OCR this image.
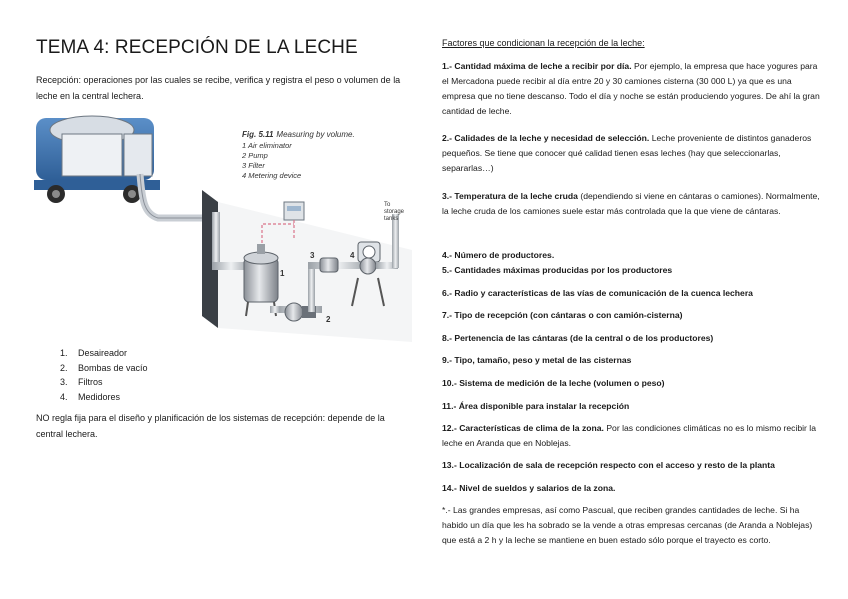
TEMA 4: RECEPCIÓN DE LA LECHE

Recepción: operaciones por las cuales se recibe, verifica y registra el peso o volumen de la leche en la central lechera.

Fig. 5.11 Measuring by volume.
1 Air eliminator
2 Pump
3 Filter
4 Metering device
To
storage
tanks
1
2
3	4
1. Desaireador
2. Bombas de vacío
3. Filtros
4. Medidores

NO regla fija para el diseño y planificación de los sistemas de recepción: depende de la central lechera.

Factores que condicionan la recepción de la leche:

1.- Cantidad máxima de leche a recibir por día. Por ejemplo, la empresa que hace yogures para el Mercadona puede recibir al día entre 20 y 30 camiones cisterna (30 000 L) ya que es una empresa que no tiene descanso. Todo el día y noche se están produciendo yogures. De ahí la gran cantidad de leche.

2.- Calidades de la leche y necesidad de selección. Leche proveniente de distintos ganaderos pequeños. Se tiene que conocer qué calidad tienen esas leches (hay que seleccionarlas, separarlas…)

3.- Temperatura de la leche cruda (dependiendo si viene en cántaras o camiones). Normalmente, la leche cruda de los camiones suele estar más controlada que la que viene de cántaras.

4.- Número de productores.

5.- Cantidades máximas producidas por los productores

6.- Radio y características de las vías de comunicación de la cuenca lechera

7.- Tipo de recepción (con cántaras o con camión-cisterna)

8.- Pertenencia de las cántaras (de la central o de los productores)

9.- Tipo, tamaño, peso y metal de las cisternas

10.- Sistema de medición de la leche (volumen o peso)

11.- Área disponible para instalar la recepción

12.- Características de clima de la zona. Por las condiciones climáticas no es lo mismo recibir la leche en Aranda que en Noblejas.

13.- Localización de sala de recepción respecto con el acceso y resto de la planta

14.- Nivel de sueldos y salarios de la zona.

*.- Las grandes empresas, así como Pascual, que reciben grandes cantidades de leche. Si ha habido un día que les ha sobrado se la vende a otras empresas cercanas (de Aranda a Noblejas) que está a 2 h y la leche se mantiene en buen estado sólo porque el trayecto es corto.
